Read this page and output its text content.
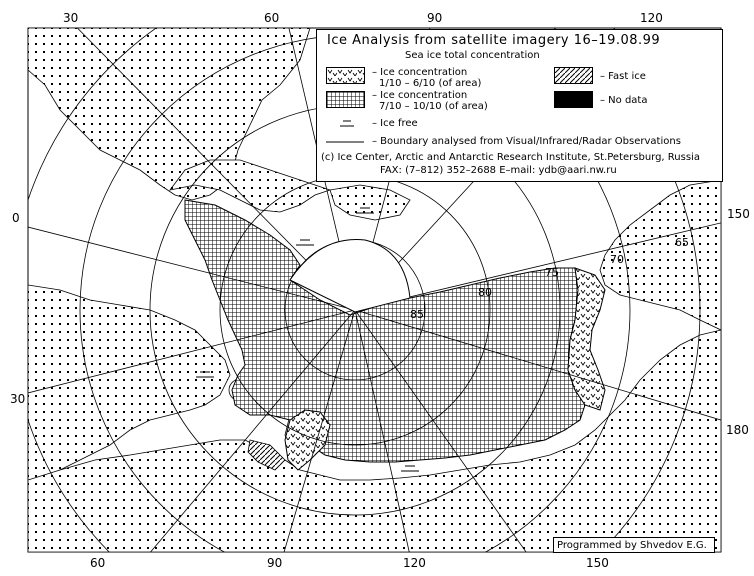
85
80
75
70
65
30	60	90	120
60	90	120	150
0
30
150
180
Ice Analysis from satellite imagery 16–19.08.99
Sea ice total concentration
– Ice concentration
1/10 – 6/10 (of area)
– Ice concentration
7/10 – 10/10 (of area)
– Ice free
– Fast ice
– No data
– Boundary analysed from Visual/Infrared/Radar Observations
(c) Ice Center, Arctic and Antarctic Research Institute, St.Petersburg, Russia
FAX: (7–812) 352–2688 E–mail: ydb@aari.nw.ru
Programmed by Shvedov E.G.
